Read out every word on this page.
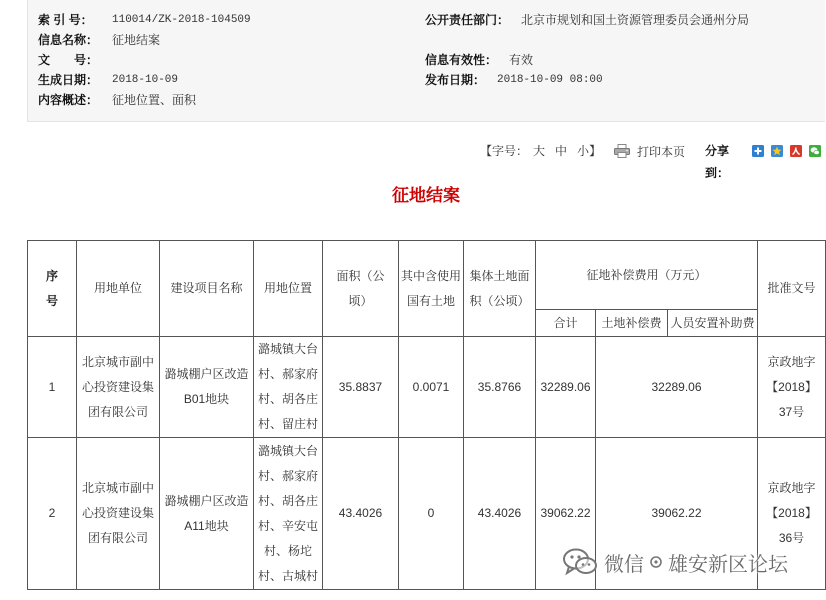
索 引 号：	110014/ZK-2018-104509	公开责任部门： 北京市规划和国土资源管理委员会通州分局
信息名称：	征地结案
文　　号：	信息有效性： 有效
生成日期：	2018-10-09	发布日期： 2018-10-09 08:00
内容概述：	征地位置、面积
【字号： 大 中 小】	打印本页 分享到：
征地结案
序号	用地单位	建设项目名称	用地位置	面积（公顷）	其中含使用国有土地	集体土地面积（公顷）	征地补偿费用（万元）			批准文号
							合计	土地补偿费	人员安置补助费	
1	北京城市副中心投资建设集团有限公司	潞城棚户区改造B01地块	潞城镇大台村、郝家府村、胡各庄村、留庄村	35.8837	0.0071	35.8766	32289.06	32289.06		京政地字【2018】37号
2	北京城市副中心投资建设集团有限公司	潞城棚户区改造A11地块	潞城镇大台村、郝家府村、胡各庄村、辛安屯村、杨坨村、古城村	43.4026	0	43.4026	39062.22	39062.22		京政地字【2018】36号
微信 雄安新区论坛
